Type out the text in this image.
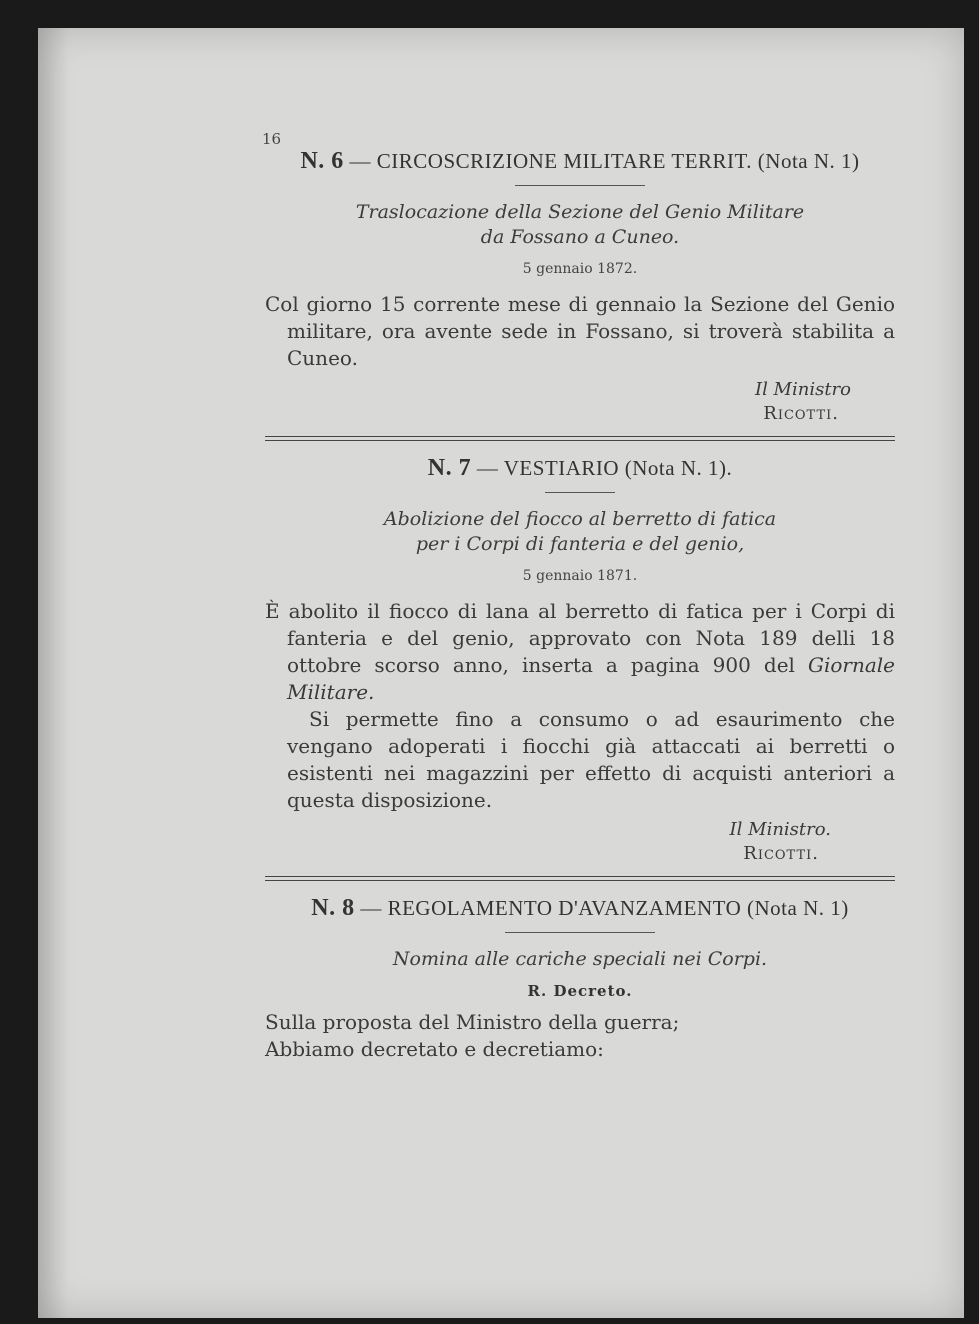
16
N. 6 — CIRCOSCRIZIONE MILITARE TERRIT. (Nota N. 1)
Traslocazione della Sezione del Genio Militare
da Fossano a Cuneo.
5 gennaio 1872.
Col giorno 15 corrente mese di gennaio la Sezione del Genio militare, ora avente sede in Fossano, si troverà stabilita a Cuneo.
Il Ministro
Ricotti.
N. 7 — VESTIARIO (Nota N. 1).
Abolizione del fiocco al berretto di fatica
per i Corpi di fanteria e del genio,
5 gennaio 1871.
È abolito il fiocco di lana al berretto di fatica per i Corpi di fanteria e del genio, approvato con Nota 189 delli 18 ottobre scorso anno, inserta a pagina 900 del Giornale Militare.
Si permette fino a consumo o ad esaurimento che vengano adoperati i fiocchi già attaccati ai berretti o esistenti nei magazzini per effetto di acquisti anteriori a questa disposizione.
Il Ministro.
Ricotti.
N. 8 — REGOLAMENTO D'AVANZAMENTO (Nota N. 1)
Nomina alle cariche speciali nei Corpi.
R. Decreto.
Sulla proposta del Ministro della guerra;
Abbiamo decretato e decretiamo:
